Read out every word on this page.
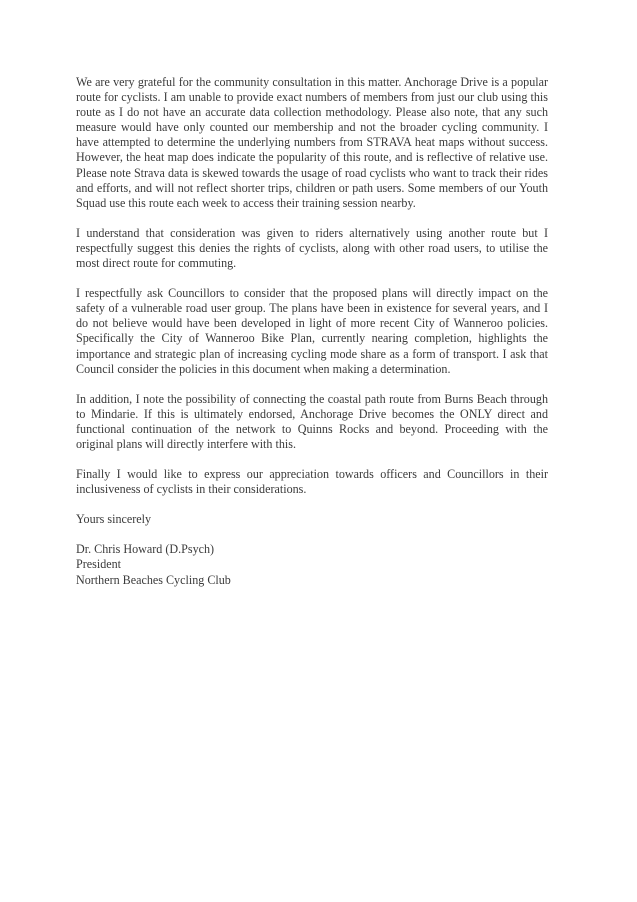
We are very grateful for the community consultation in this matter. Anchorage Drive is a popular route for cyclists. I am unable to provide exact numbers of members from just our club using this route as I do not have an accurate data collection methodology. Please also note, that any such measure would have only counted our membership and not the broader cycling community. I have attempted to determine the underlying numbers from STRAVA heat maps without success. However, the heat map does indicate the popularity of this route, and is reflective of relative use. Please note Strava data is skewed towards the usage of road cyclists who want to track their rides and efforts, and will not reflect shorter trips, children or path users. Some members of our Youth Squad use this route each week to access their training session nearby.

I understand that consideration was given to riders alternatively using another route but I respectfully suggest this denies the rights of cyclists, along with other road users, to utilise the most direct route for commuting.

I respectfully ask Councillors to consider that the proposed plans will directly impact on the safety of a vulnerable road user group. The plans have been in existence for several years, and I do not believe would have been developed in light of more recent City of Wanneroo policies. Specifically the City of Wanneroo Bike Plan, currently nearing completion, highlights the importance and strategic plan of increasing cycling mode share as a form of transport. I ask that Council consider the policies in this document when making a determination.

In addition, I note the possibility of connecting the coastal path route from Burns Beach through to Mindarie. If this is ultimately endorsed, Anchorage Drive becomes the ONLY direct and functional continuation of the network to Quinns Rocks and beyond. Proceeding with the original plans will directly interfere with this.

Finally I would like to express our appreciation towards officers and Councillors in their inclusiveness of cyclists in their considerations.

Yours sincerely

Dr. Chris Howard (D.Psych)
President
Northern Beaches Cycling Club
